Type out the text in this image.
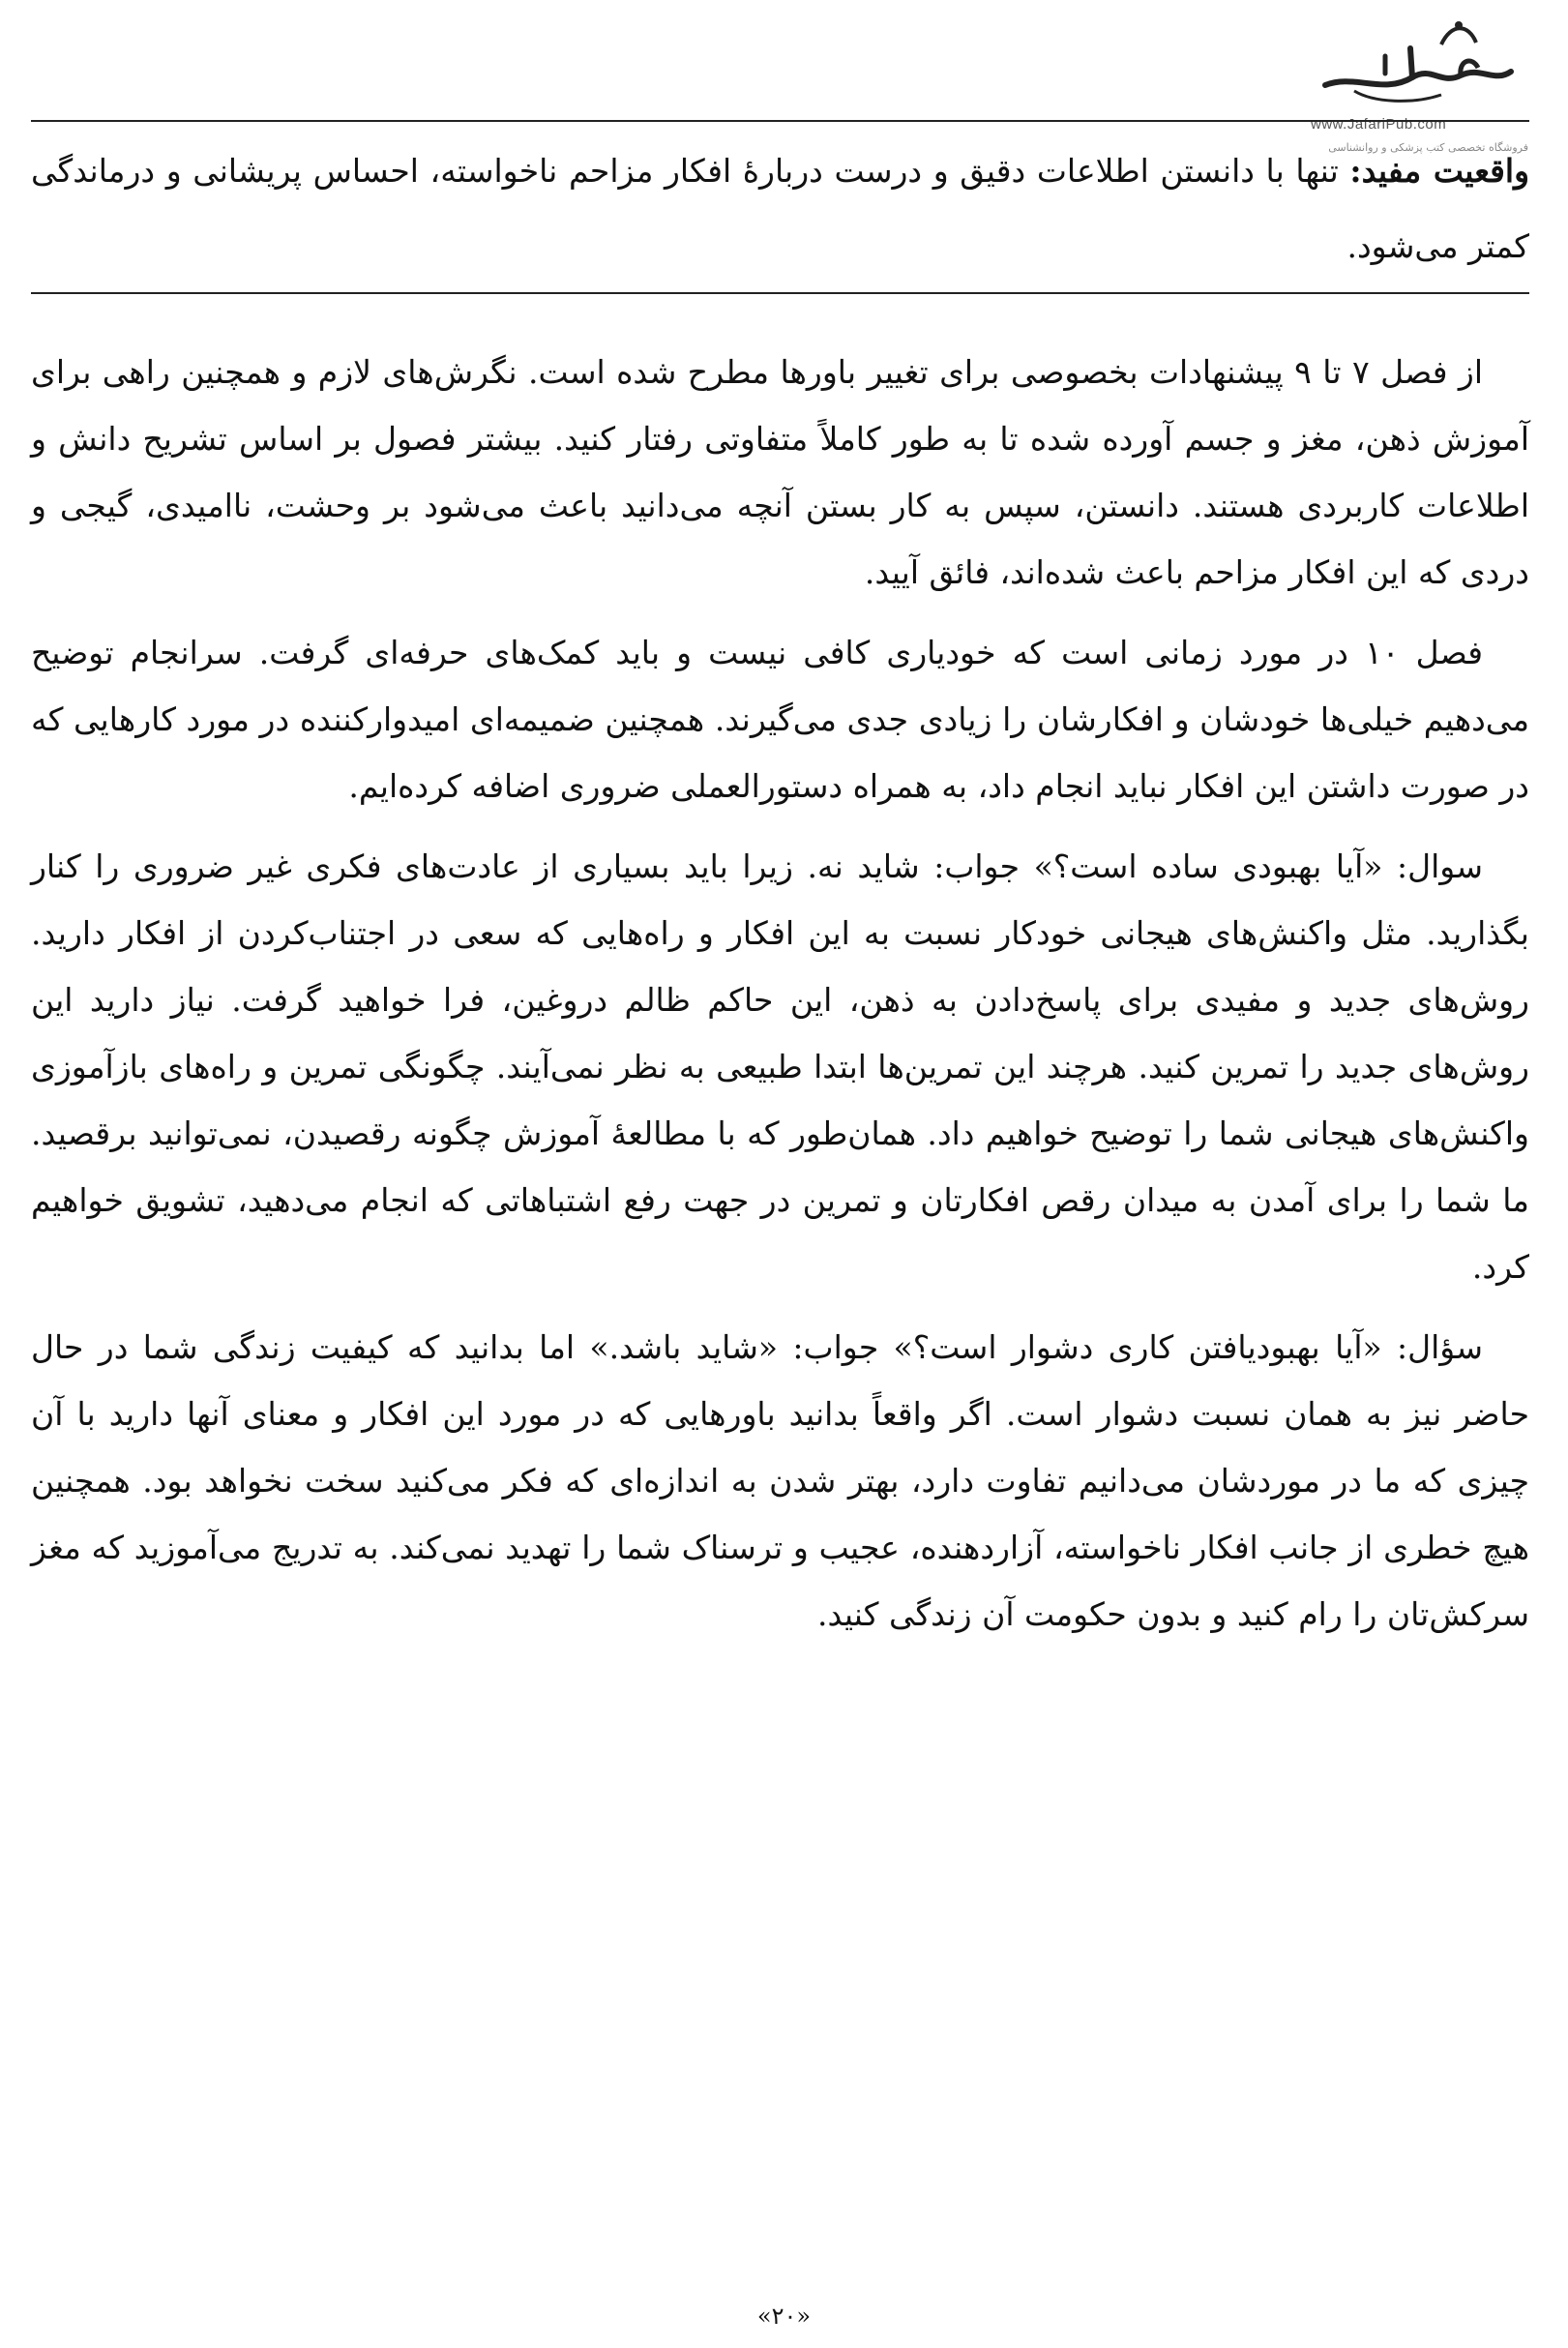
www.JafariPub.com
فروشگاه تخصصی کتب پزشکی و روانشناسی
واقعیت مفید: تنها با دانستن اطلاعات دقیق و درست دربارهٔ افکار مزاحم ناخواسته، احساس پریشانی و درماندگی کمتر می‌شود.

از فصل ۷ تا ۹ پیشنهادات بخصوصی برای تغییر باورها مطرح شده است. نگرش‌های لازم و همچنین راهی برای آموزش ذهن، مغز و جسم آورده شده تا به طور کاملاً متفاوتی رفتار کنید. بیشتر فصول بر اساس تشریح دانش و اطلاعات کاربردی هستند. دانستن، سپس به کار بستن آنچه می‌دانید باعث می‌شود بر وحشت، ناامیدی، گیجی و دردی که این افکار مزاحم باعث شده‌اند، فائق آیید.

فصل ۱۰ در مورد زمانی است که خودیاری کافی نیست و باید کمک‌های حرفه‌ای گرفت. سرانجام توضیح می‌دهیم خیلی‌ها خودشان و افکارشان را زیادی جدی می‌گیرند. همچنین ضمیمه‌ای امیدوارکننده در مورد کارهایی که در صورت داشتن این افکار نباید انجام داد، به همراه دستورالعملی ضروری اضافه کرده‌ایم.

سوال: «آیا بهبودی ساده است؟» جواب: شاید نه. زیرا باید بسیاری از عادت‌های فکری غیر ضروری را کنار بگذارید. مثل واکنش‌های هیجانی خودکار نسبت به این افکار و راه‌هایی که سعی در اجتناب‌کردن از افکار دارید. روش‌های جدید و مفیدی برای پاسخ‌دادن به ذهن، این حاکم ظالم دروغین، فرا خواهید گرفت. نیاز دارید این روش‌های جدید را تمرین کنید. هرچند این تمرین‌ها ابتدا طبیعی به نظر نمی‌آیند. چگونگی تمرین و راه‌های بازآموزی واکنش‌های هیجانی شما را توضیح خواهیم داد. همان‌طور که با مطالعهٔ آموزش چگونه رقصیدن، نمی‌توانید برقصید. ما شما را برای آمدن به میدان رقص افکارتان و تمرین در جهت رفع اشتباهاتی که انجام می‌دهید، تشویق خواهیم کرد.

سؤال: «آیا بهبودیافتن کاری دشوار است؟» جواب: «شاید باشد.» اما بدانید که کیفیت زندگی شما در حال حاضر نیز به همان نسبت دشوار است. اگر واقعاً بدانید باورهایی که در مورد این افکار و معنای آنها دارید با آن چیزی که ما در موردشان می‌دانیم تفاوت دارد، بهتر شدن به اندازه‌ای که فکر می‌کنید سخت نخواهد بود. همچنین هیچ خطری از جانب افکار ناخواسته، آزاردهنده، عجیب و ترسناک شما را تهدید نمی‌کند. به تدریج می‌آموزید که مغز سرکش‌تان را رام کنید و بدون حکومت آن زندگی کنید.

«۲۰»
